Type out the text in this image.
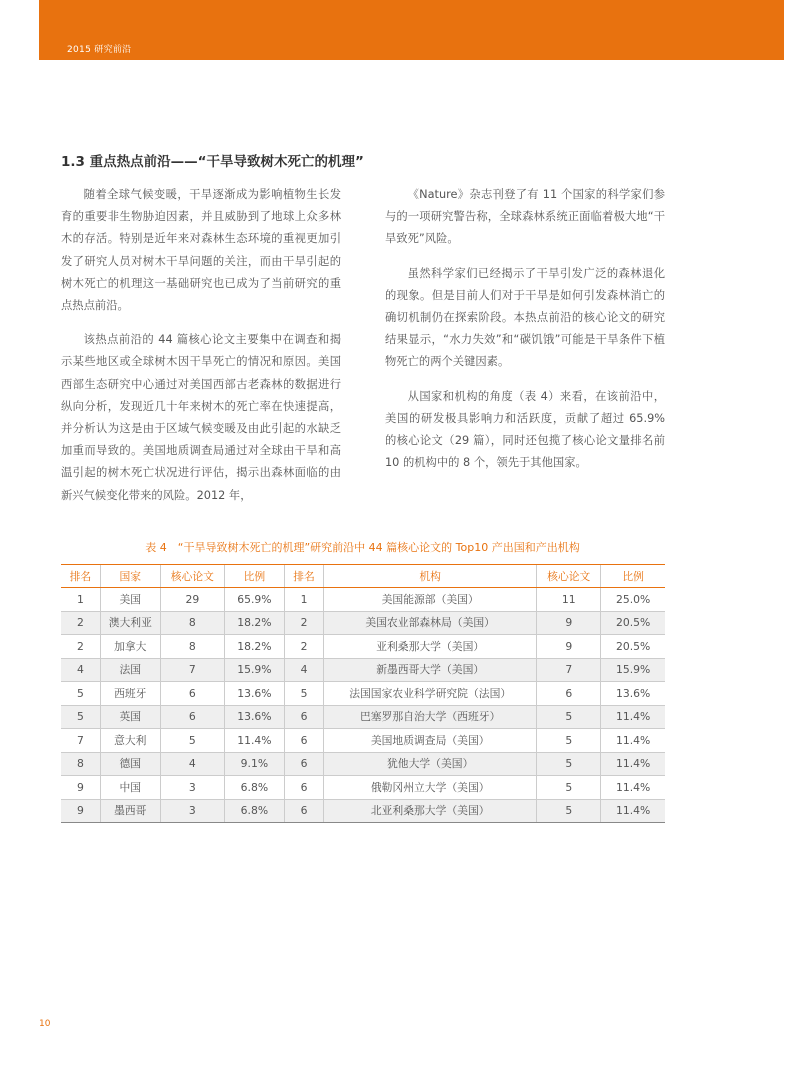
2015 研究前沿
1.3 重点热点前沿——“干旱导致树木死亡的机理”

随着全球气候变暖，干旱逐渐成为影响植物生长发育的重要非生物胁迫因素，并且威胁到了地球上众多林木的存活。特别是近年来对森林生态环境的重视更加引发了研究人员对树木干旱问题的关注，而由干旱引起的树木死亡的机理这一基础研究也已成为了当前研究的重点热点前沿。

该热点前沿的 44 篇核心论文主要集中在调查和揭示某些地区或全球树木因干旱死亡的情况和原因。美国西部生态研究中心通过对美国西部古老森林的数据进行纵向分析，发现近几十年来树木的死亡率在快速提高，并分析认为这是由于区域气候变暖及由此引起的水缺乏加重而导致的。美国地质调查局通过对全球由干旱和高温引起的树木死亡状况进行评估，揭示出森林面临的由新兴气候变化带来的风险。2012 年，

《Nature》杂志刊登了有 11 个国家的科学家们参与的一项研究警告称，全球森林系统正面临着极大地“干旱致死”风险。

虽然科学家们已经揭示了干旱引发广泛的森林退化的现象。但是目前人们对于干旱是如何引发森林消亡的确切机制仍在探索阶段。本热点前沿的核心论文的研究结果显示，“水力失效”和“碳饥饿”可能是干旱条件下植物死亡的两个关键因素。

从国家和机构的角度（表 4）来看，在该前沿中，美国的研发极具影响力和活跃度，贡献了超过 65.9% 的核心论文（29 篇），同时还包揽了核心论文量排名前 10 的机构中的 8 个，领先于其他国家。

表 4　“干旱导致树木死亡的机理”研究前沿中 44 篇核心论文的 Top10 产出国和产出机构
排名	国家	核心论文	比例	排名	机构	核心论文	比例
1	美国	29	65.9%	1	美国能源部（美国）	11	25.0%
2	澳大利亚	8	18.2%	2	美国农业部森林局（美国）	9	20.5%
2	加拿大	8	18.2%	2	亚利桑那大学（美国）	9	20.5%
4	法国	7	15.9%	4	新墨西哥大学（美国）	7	15.9%
5	西班牙	6	13.6%	5	法国国家农业科学研究院（法国）	6	13.6%
5	英国	6	13.6%	6	巴塞罗那自治大学（西班牙）	5	11.4%
7	意大利	5	11.4%	6	美国地质调查局（美国）	5	11.4%
8	德国	4	9.1%	6	犹他大学（美国）	5	11.4%
9	中国	3	6.8%	6	俄勒冈州立大学（美国）	5	11.4%
9	墨西哥	3	6.8%	6	北亚利桑那大学（美国）	5	11.4%
10
